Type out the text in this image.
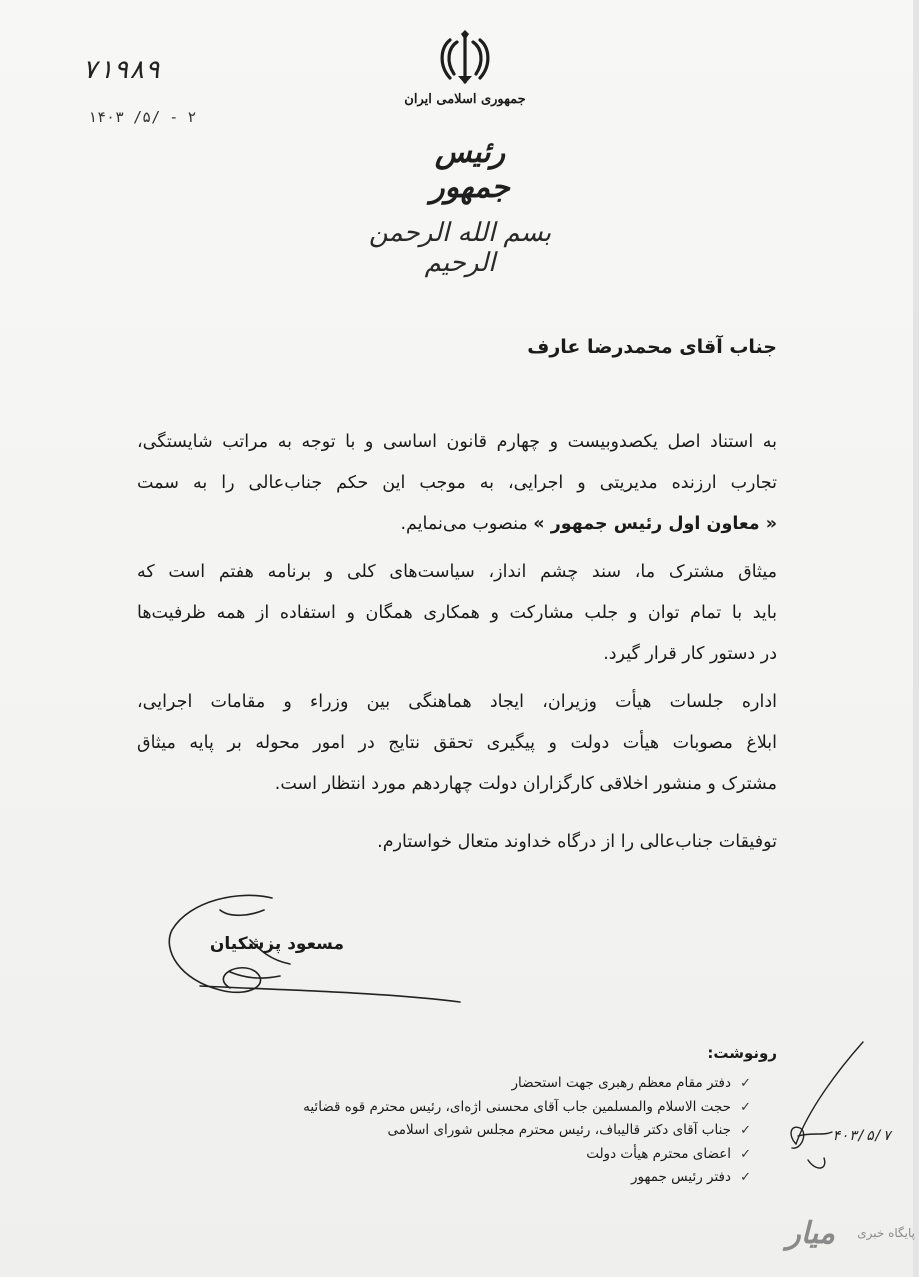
۷۱۹۸۹
۱۴۰۳ /۵/ - ۲
جمهوری اسلامی ایران
رئیس جمهور
بسم الله الرحمن الرحیم
جناب آقای محمدرضا عارف
به استناد اصل یکصدوبیست و چهارم قانون اساسی و با توجه به مراتب شایستگی،
تجارب ارزنده مدیریتی و اجرایی، به موجب این حکم جناب‌عالی را به سمت
« معاون اول رئیس جمهور » منصوب می‌نمایم.
میثاق مشترک ما، سند چشم انداز، سیاست‌های کلی و برنامه هفتم است که
باید با تمام توان و جلب مشارکت و همکاری همگان و استفاده از همه ظرفیت‌ها
در دستور کار قرار گیرد.
اداره جلسات هیأت وزیران، ایجاد هماهنگی بین وزراء و مقامات اجرایی،
ابلاغ مصوبات هیأت دولت و پیگیری تحقق نتایج در امور محوله بر پایه میثاق
مشترک و منشور اخلاقی کارگزاران دولت چهاردهم مورد انتظار است.
توفیقات جناب‌عالی را از درگاه خداوند متعال خواستارم.
مسعود پزشکیان
رونوشت:
✓
دفتر مقام معظم رهبری جهت استحضار
✓
حجت الاسلام والمسلمین جاب آقای محسنی اژه‌ای، رئیس محترم قوه قضائیه
✓
جناب آقای دکتر قالیباف، رئیس محترم مجلس شورای اسلامی
✓
اعضای محترم هیأت دولت
✓
دفتر رئیس جمهور
۴۰۳/۵/۷
میار پایگاه خبری
